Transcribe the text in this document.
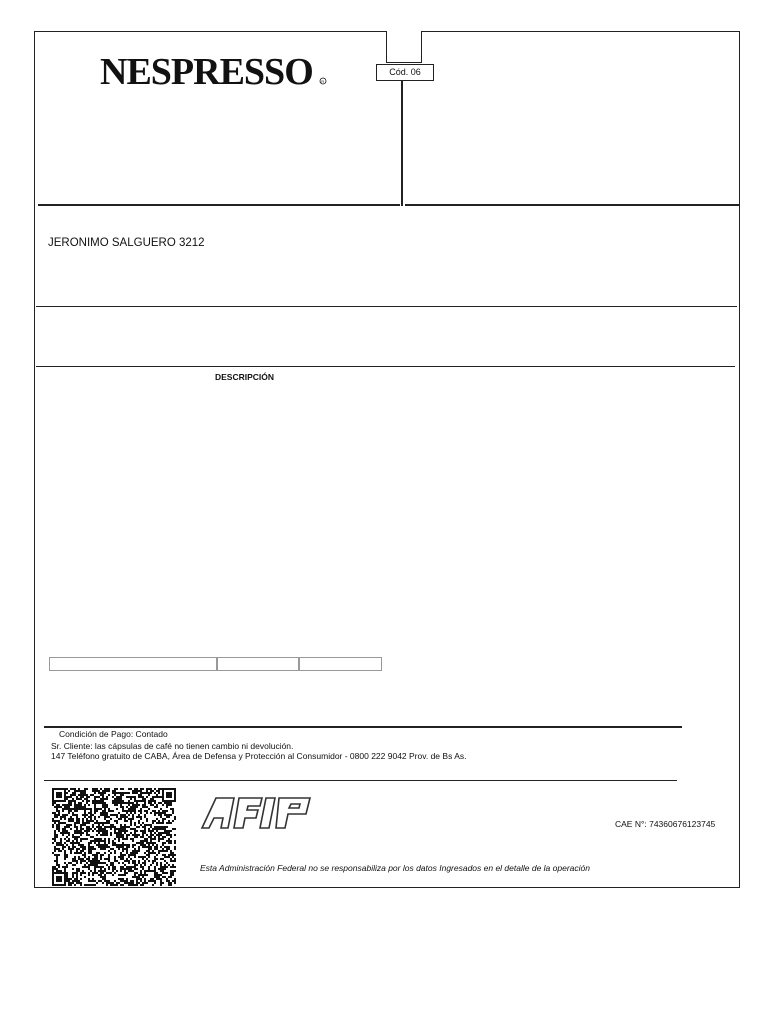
NESPRESSO R
Cód. 06
JERONIMO SALGUERO 3212
DESCRIPCIÓN
Condición de Pago: Contado
Sr. Cliente: las cápsulas de café no tienen cambio ni devolución.
147 Teléfono gratuito de CABA, Área de Defensa y Protección al Consumidor - 0800 222 9042 Prov. de Bs As.
AFIP
CAE N°: 74360676123745
Esta Administración Federal no se responsabiliza por los datos Ingresados en el detalle de la operación
